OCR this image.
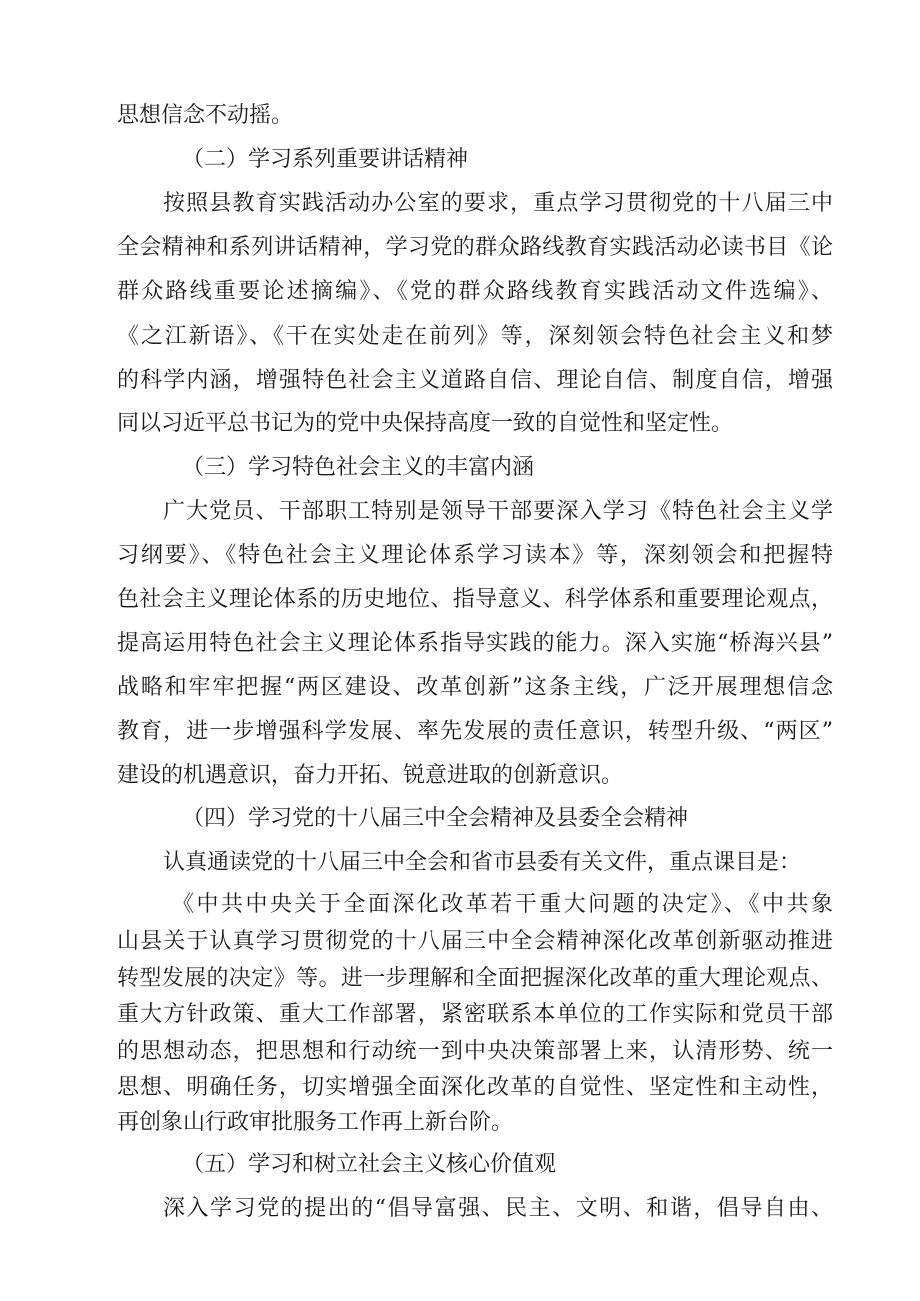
思想信念不动摇。
（二）学习系列重要讲话精神
按照县教育实践活动办公室的要求，重点学习贯彻党的十八届三中
全会精神和系列讲话精神，学习党的群众路线教育实践活动必读书目《论
群众路线重要论述摘编》、《党的群众路线教育实践活动文件选编》、
《之江新语》、《干在实处走在前列》等，深刻领会特色社会主义和梦
的科学内涵，增强特色社会主义道路自信、理论自信、制度自信，增强
同以习近平总书记为的党中央保持高度一致的自觉性和坚定性。
（三）学习特色社会主义的丰富内涵
广大党员、干部职工特别是领导干部要深入学习《特色社会主义学
习纲要》、《特色社会主义理论体系学习读本》等，深刻领会和把握特
色社会主义理论体系的历史地位、指导意义、科学体系和重要理论观点，
提高运用特色社会主义理论体系指导实践的能力。深入实施“桥海兴县”
战略和牢牢把握“两区建设、改革创新”这条主线，广泛开展理想信念
教育，进一步增强科学发展、率先发展的责任意识，转型升级、“两区”
建设的机遇意识，奋力开拓、锐意进取的创新意识。
（四）学习党的十八届三中全会精神及县委全会精神
认真通读党的十八届三中全会和省市县委有关文件，重点课目是：
《中共中央关于全面深化改革若干重大问题的决定》、《中共象
山县关于认真学习贯彻党的十八届三中全会精神深化改革创新驱动推进
转型发展的决定》等。进一步理解和全面把握深化改革的重大理论观点、
重大方针政策、重大工作部署，紧密联系本单位的工作实际和党员干部
的思想动态，把思想和行动统一到中央决策部署上来，认清形势、统一
思想、明确任务，切实增强全面深化改革的自觉性、坚定性和主动性，
再创象山行政审批服务工作再上新台阶。
（五）学习和树立社会主义核心价值观
深入学习党的提出的“倡导富强、民主、文明、和谐，倡导自由、
